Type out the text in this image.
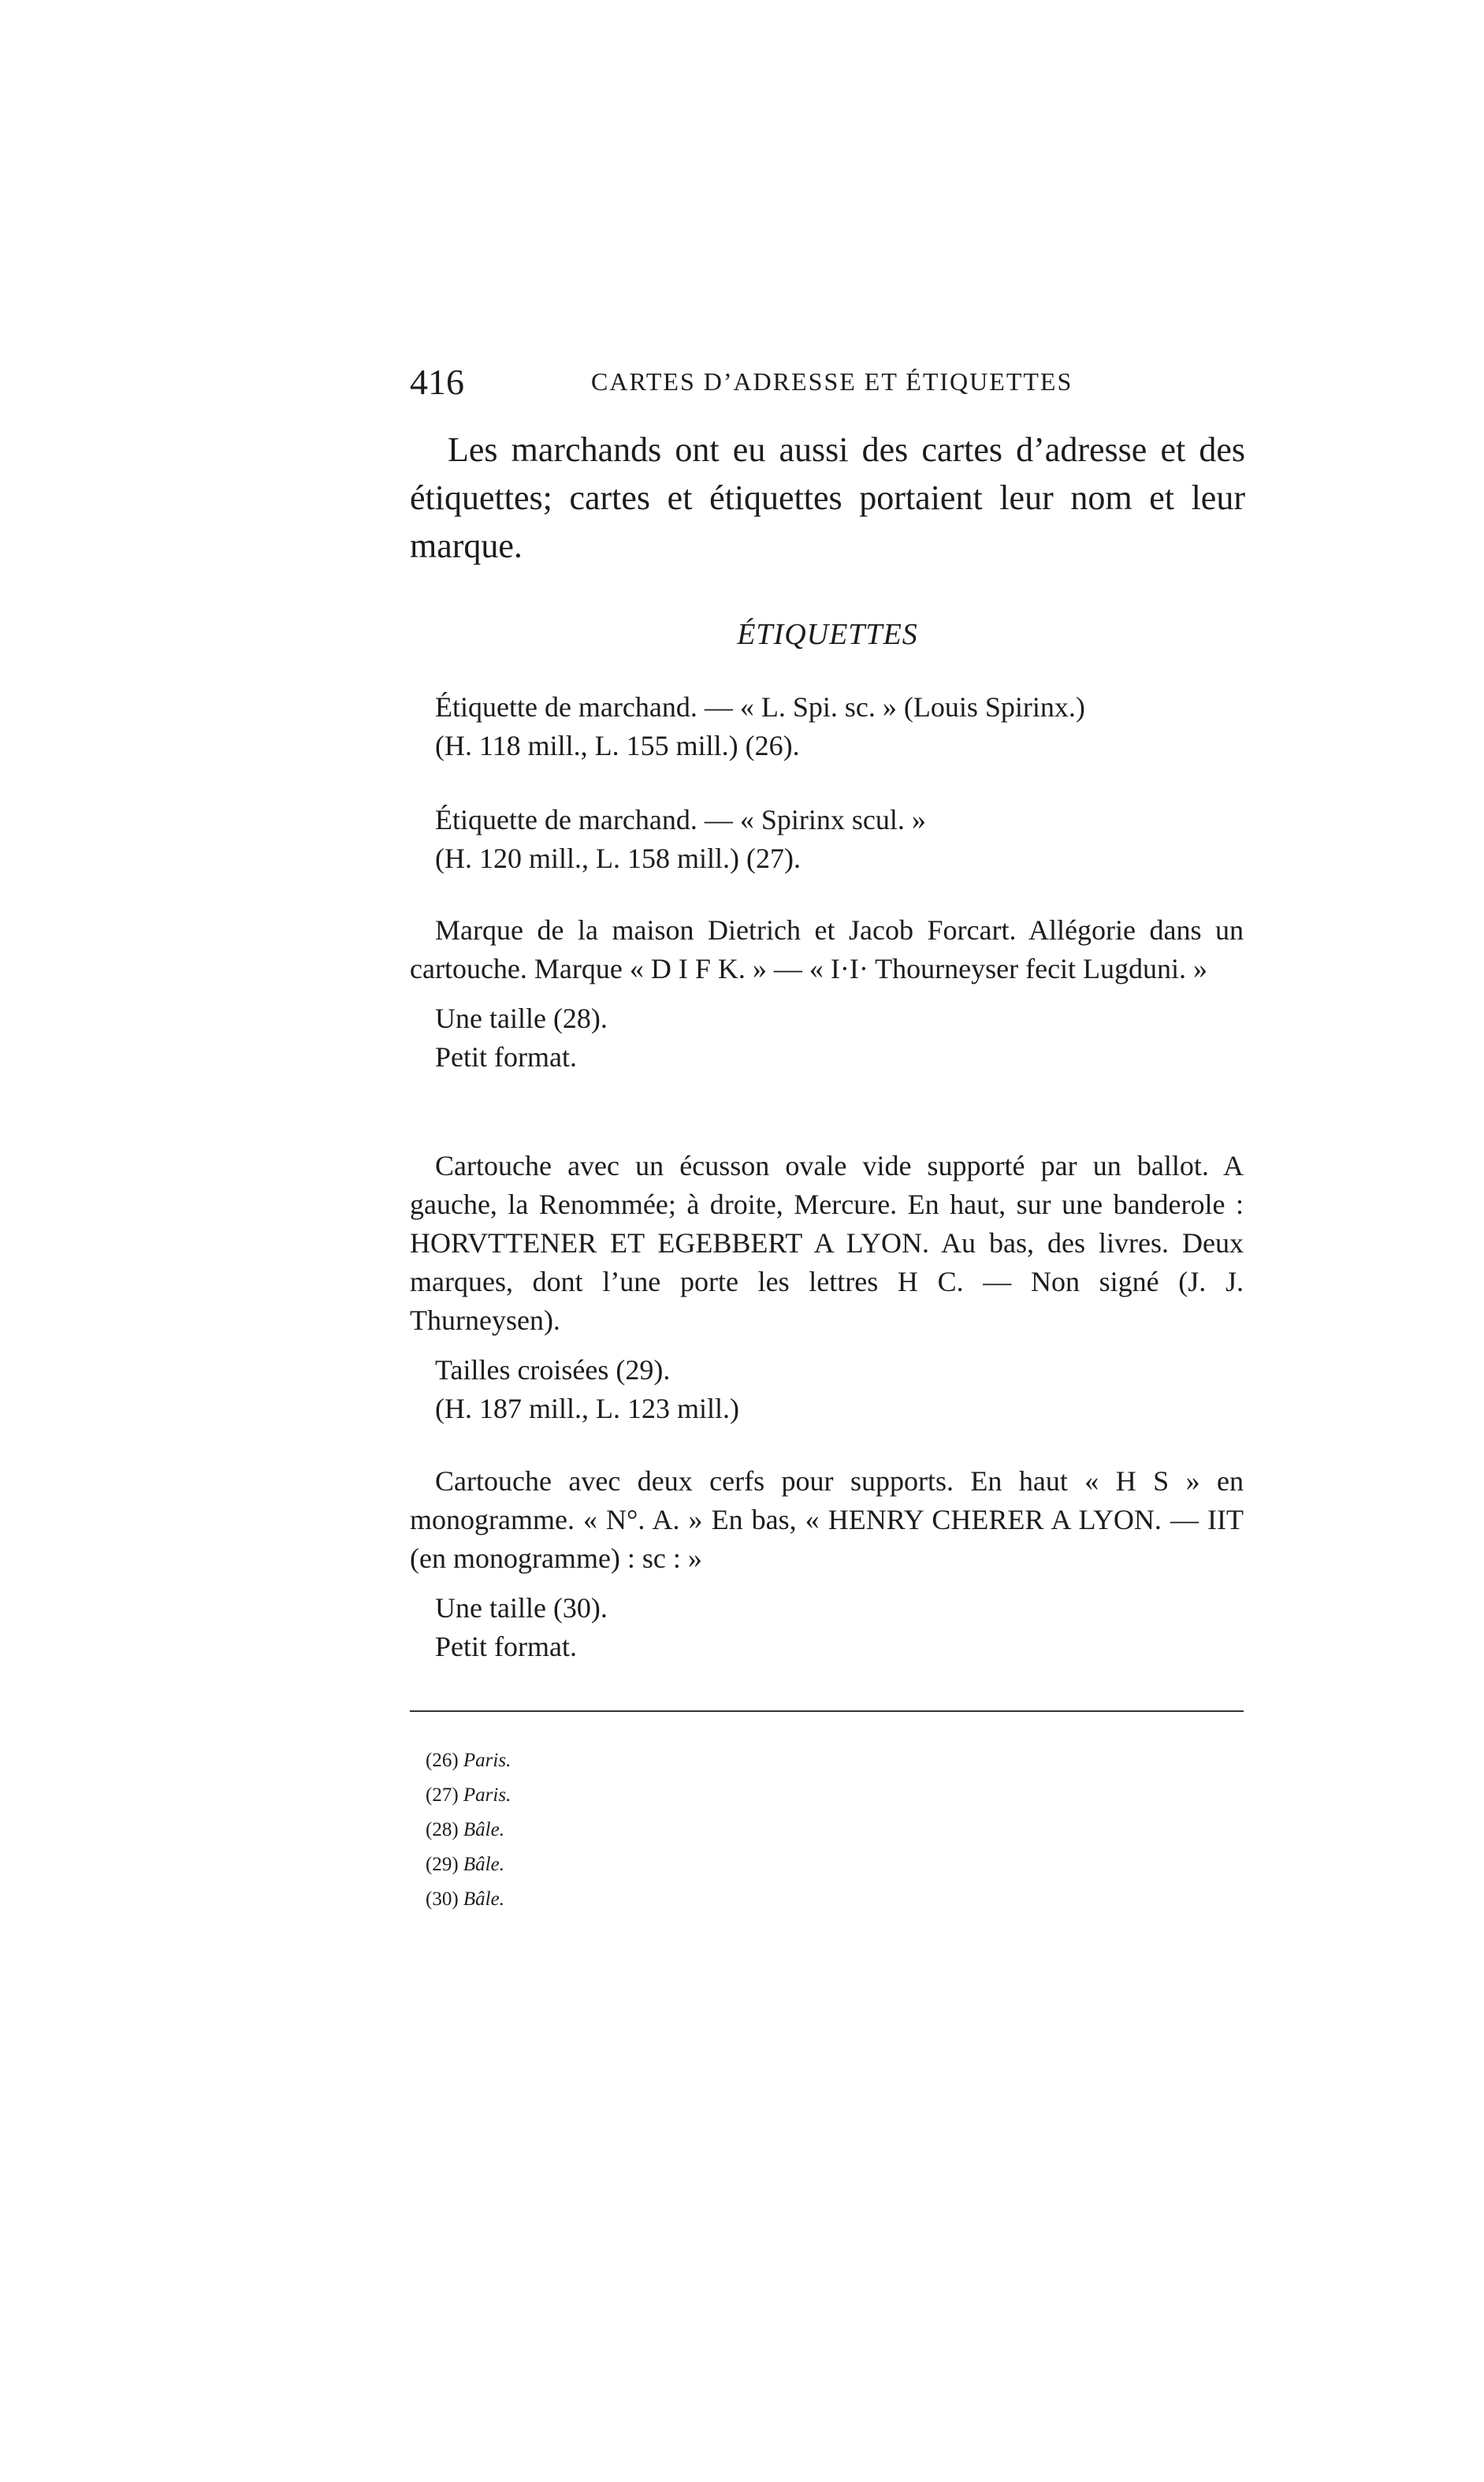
416	CARTES D’ADRESSE ET ÉTIQUETTES

Les marchands ont eu aussi des cartes d’adresse et des étiquettes; cartes et étiquettes portaient leur nom et leur marque.

ÉTIQUETTES

Étiquette de marchand. — « L. Spi. sc. » (Louis Spirinx.)

(H. 118 mill., L. 155 mill.) (26).

Étiquette de marchand. — « Spirinx scul. »

(H. 120 mill., L. 158 mill.) (27).

Marque de la maison Dietrich et Jacob Forcart. Allégorie dans un cartouche. Marque « D I F K. » — « I·I· Thourneyser fecit Lugduni. »

Une taille (28).

Petit format.

Cartouche avec un écusson ovale vide supporté par un ballot. A gauche, la Renommée; à droite, Mercure. En haut, sur une banderole : HORVTTENER ET EGEBBERT A LYON. Au bas, des livres. Deux marques, dont l’une porte les lettres H C. — Non signé (J. J. Thurneysen).

Tailles croisées (29).

(H. 187 mill., L. 123 mill.)

Cartouche avec deux cerfs pour supports. En haut « H S » en monogramme. « N°. A. » En bas, « HENRY CHERER A LYON. — IIT (en monogramme) : sc : »

Une taille (30).

Petit format.

(26) Paris.
(27) Paris.
(28) Bâle.
(29) Bâle.
(30) Bâle.
